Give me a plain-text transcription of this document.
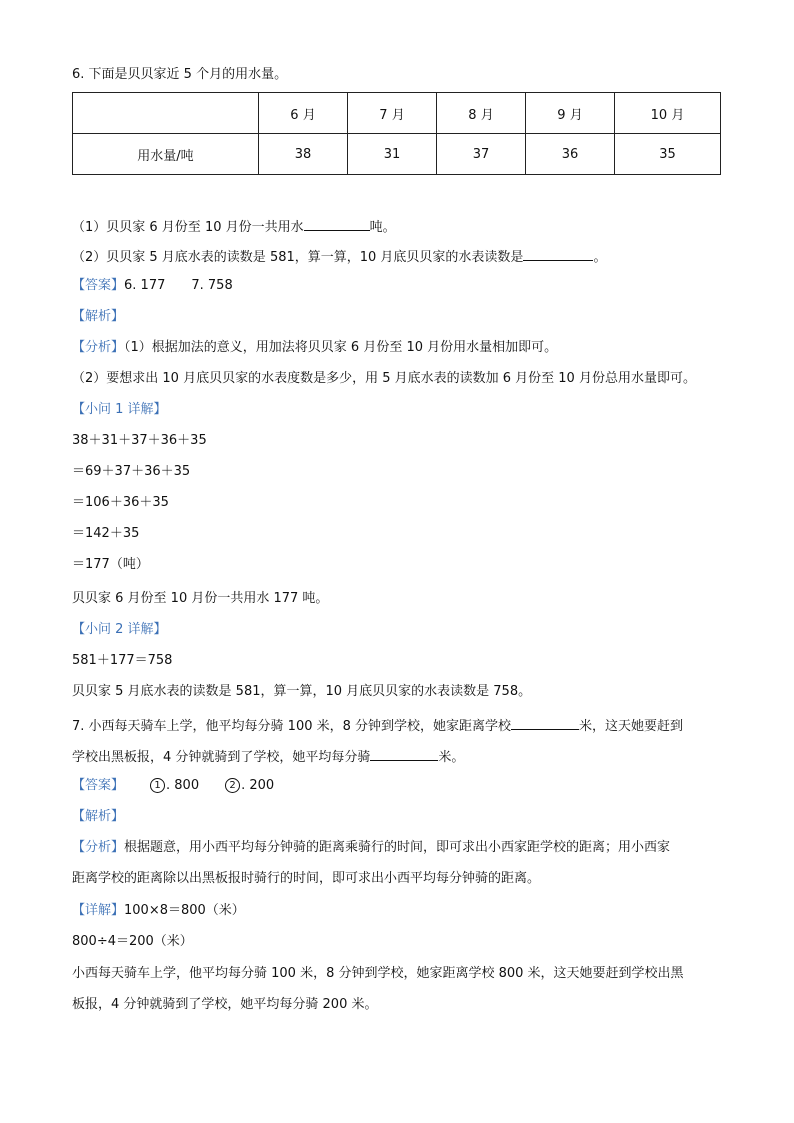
6. 下面是贝贝家近 5 个月的用水量。
	6 月	7 月	8 月	9 月	10 月
用水量/吨	38	31	37	36	35
（1）贝贝家 6 月份至 10 月份一共用水	吨。
（2）贝贝家 5 月底水表的读数是 581，算一算，10 月底贝贝家的水表读数是	。
【答案】6. 177 7. 758
【解析】
【分析】（1）根据加法的意义，用加法将贝贝家 6 月份至 10 月份用水量相加即可。
（2）要想求出 10 月底贝贝家的水表度数是多少，用 5 月底水表的读数加 6 月份至 10 月份总用水量即可。
【小问 1 详解】
38＋31＋37＋36＋35
＝69＋37＋36＋35
＝106＋36＋35
＝142＋35
＝177（吨）
贝贝家 6 月份至 10 月份一共用水 177 吨。
【小问 2 详解】
581＋177＝758
贝贝家 5 月底水表的读数是 581，算一算，10 月底贝贝家的水表读数是 758。
7. 小西每天骑车上学，他平均每分骑 100 米，8 分钟到学校，她家距离学校	米，这天她要赶到
学校出黑板报，4 分钟就骑到了学校，她平均每分骑	米。
【答案】	1 . 800	2 . 200
【解析】
【分析】根据题意，用小西平均每分钟骑的距离乘骑行的时间，即可求出小西家距学校的距离；用小西家
距离学校的距离除以出黑板报时骑行的时间，即可求出小西平均每分钟骑的距离。
【详解】100×8＝800（米）
800÷4＝200（米）
小西每天骑车上学，他平均每分骑 100 米，8 分钟到学校，她家距离学校 800 米，这天她要赶到学校出黑
板报，4 分钟就骑到了学校，她平均每分骑 200 米。
